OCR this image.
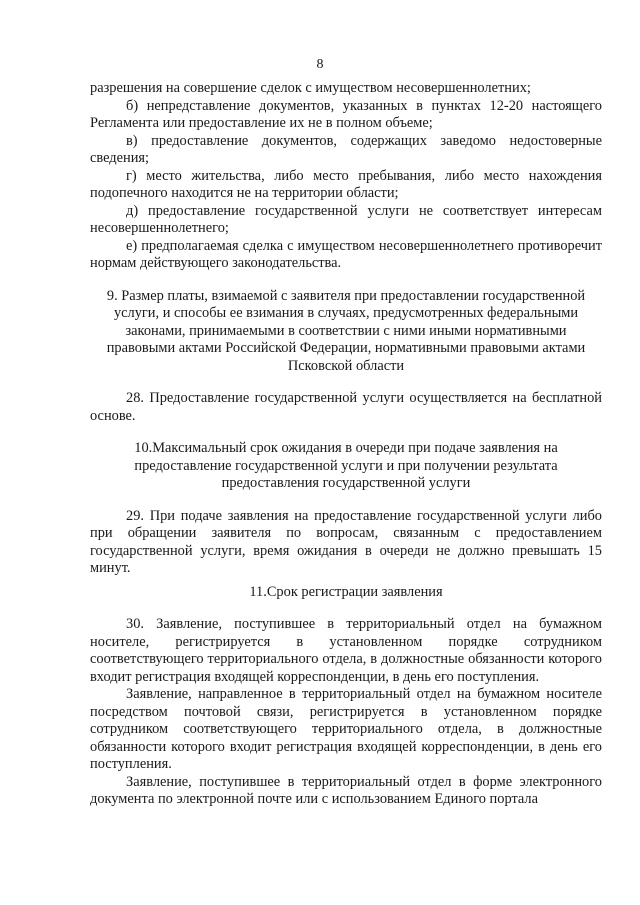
8

разрешения на совершение сделок с имуществом несовершеннолетних;

б) непредставление документов, указанных в пунктах 12-20 настоящего Регламента или предоставление их не в полном объеме;

в) предоставление документов, содержащих заведомо недостоверные сведения;

г) место жительства, либо место пребывания, либо место нахождения подопечного находится не на территории области;

д) предоставление государственной услуги не соответствует интересам несовершеннолетнего;

е) предполагаемая сделка с имуществом несовершеннолетнего противоречит нормам действующего законодательства.

9. Размер платы, взимаемой с заявителя при предоставлении государственной услуги, и способы ее взимания в случаях, предусмотренных федеральными законами, принимаемыми в соответствии с ними иными нормативными правовыми актами Российской Федерации, нормативными правовыми актами Псковской области

28. Предоставление государственной услуги осуществляется на бесплатной основе.

10.Максимальный срок ожидания в очереди при подаче заявления на предоставление государственной услуги и при получении результата предоставления государственной услуги

29. При подаче заявления на предоставление государственной услуги либо при обращении заявителя по вопросам, связанным с предоставлением государственной услуги, время ожидания в очереди не должно превышать 15 минут.

11.Срок регистрации заявления

30. Заявление, поступившее в территориальный отдел на бумажном носителе, регистрируется в установленном порядке сотрудником соответствующего территориального отдела, в должностные обязанности которого входит регистрация входящей корреспонденции, в день его поступления.

Заявление, направленное в территориальный отдел на бумажном носителе посредством почтовой связи, регистрируется в установленном порядке сотрудником соответствующего территориального отдела, в должностные обязанности которого входит регистрация входящей корреспонденции, в день его поступления.

Заявление, поступившее в территориальный отдел в форме электронного документа по электронной почте или с использованием Единого портала
